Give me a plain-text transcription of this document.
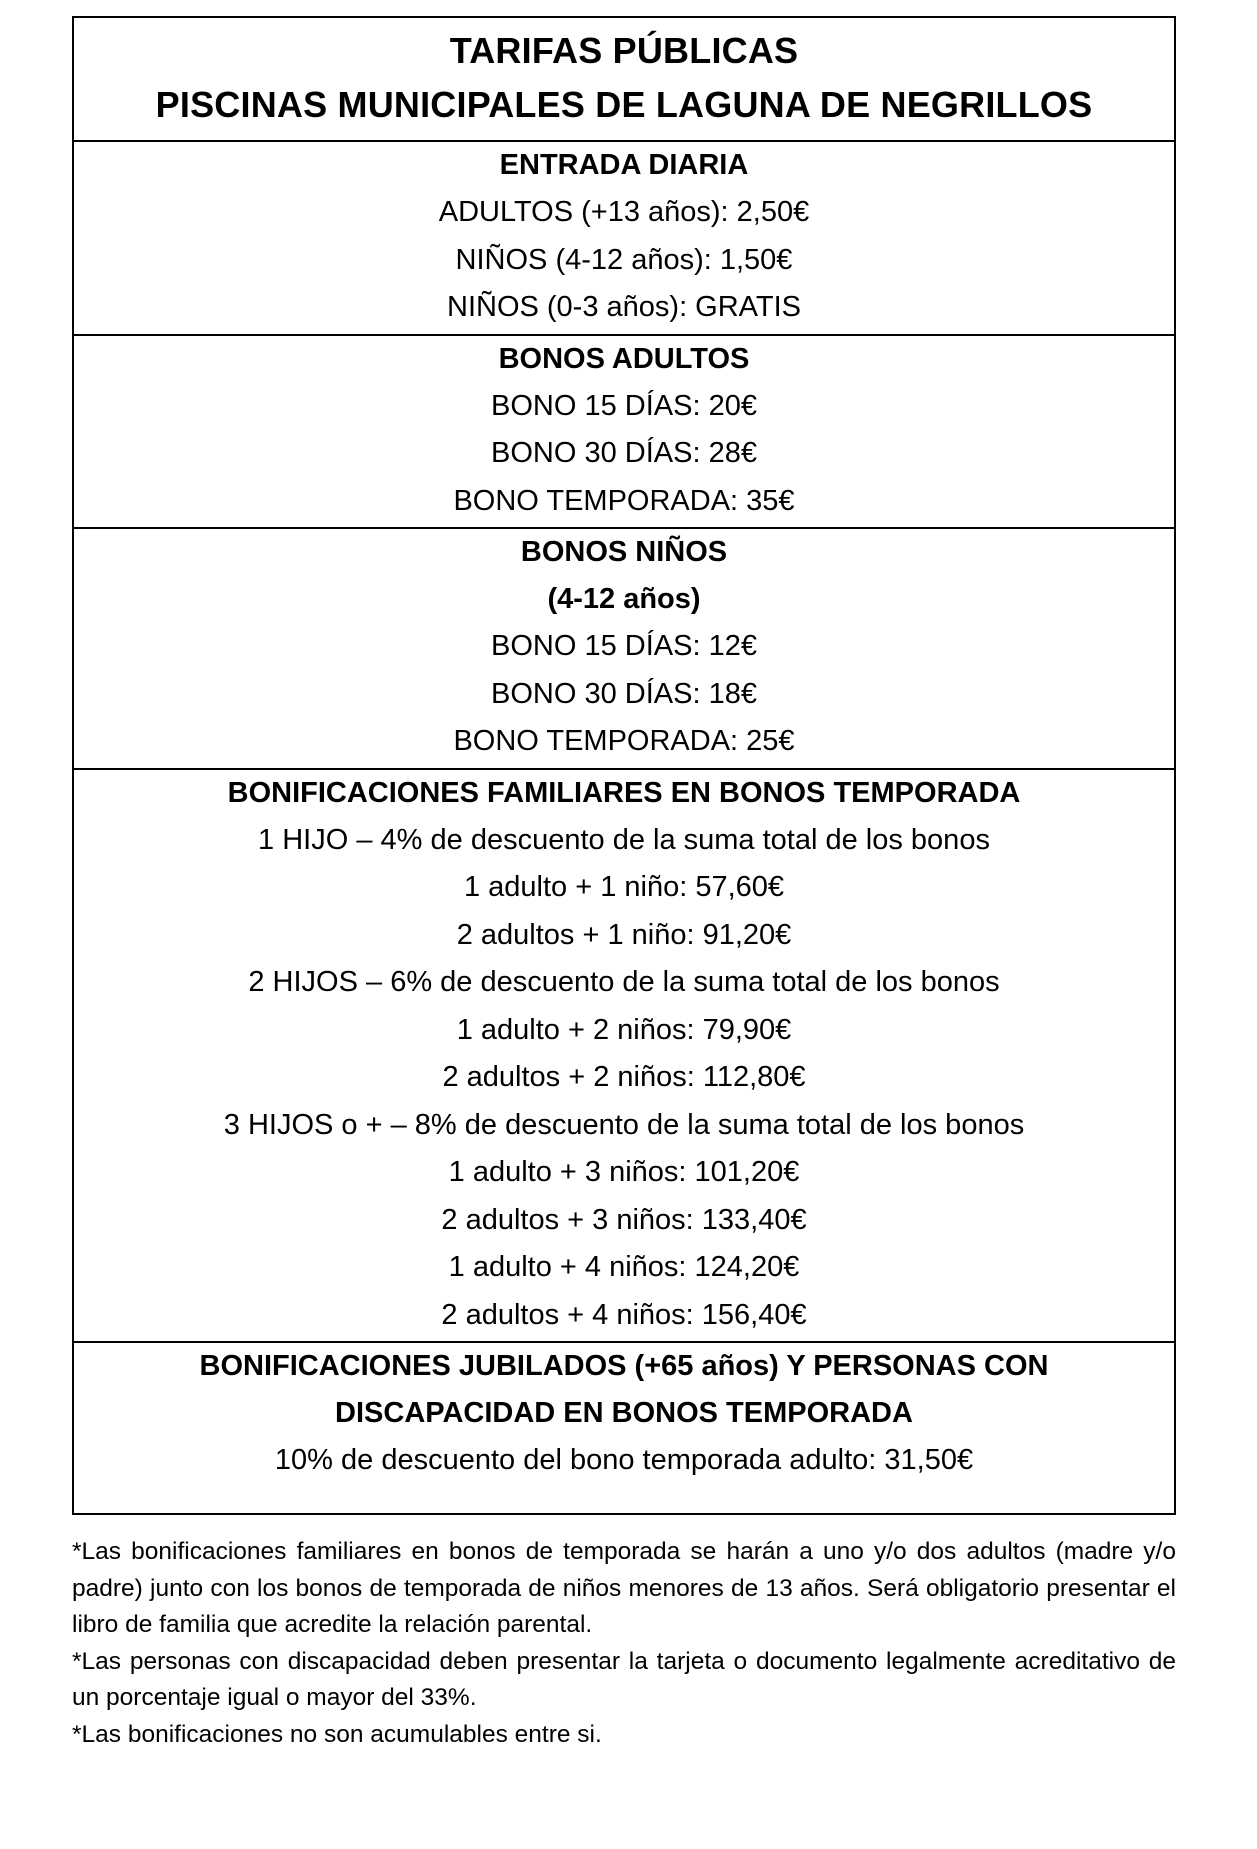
TARIFAS PÚBLICAS
PISCINAS MUNICIPALES DE LAGUNA DE NEGRILLOS
ENTRADA DIARIA
ADULTOS (+13 años): 2,50€
NIÑOS (4-12 años): 1,50€
NIÑOS (0-3 años): GRATIS
BONOS ADULTOS
BONO 15 DÍAS: 20€
BONO 30 DÍAS: 28€
BONO TEMPORADA: 35€
BONOS NIÑOS
(4-12 años)
BONO 15 DÍAS: 12€
BONO 30 DÍAS: 18€
BONO TEMPORADA: 25€
BONIFICACIONES FAMILIARES EN BONOS TEMPORADA
1 HIJO – 4% de descuento de la suma total de los bonos
1 adulto + 1 niño: 57,60€
2 adultos + 1 niño: 91,20€
2 HIJOS – 6% de descuento de la suma total de los bonos
1 adulto + 2 niños: 79,90€
2 adultos + 2 niños: 112,80€
3 HIJOS o + – 8% de descuento de la suma total de los bonos
1 adulto + 3 niños: 101,20€
2 adultos + 3 niños: 133,40€
1 adulto + 4 niños: 124,20€
2 adultos + 4 niños: 156,40€
BONIFICACIONES JUBILADOS (+65 años) Y PERSONAS CON
DISCAPACIDAD EN BONOS TEMPORADA
10% de descuento del bono temporada adulto: 31,50€
*Las bonificaciones familiares en bonos de temporada se harán a uno y/o dos adultos (madre y/o padre) junto con los bonos de temporada de niños menores de 13 años. Será obligatorio presentar el libro de familia que acredite la relación parental.
*Las personas con discapacidad deben presentar la tarjeta o documento legalmente acreditativo de un porcentaje igual o mayor del 33%.
*Las bonificaciones no son acumulables entre si.
